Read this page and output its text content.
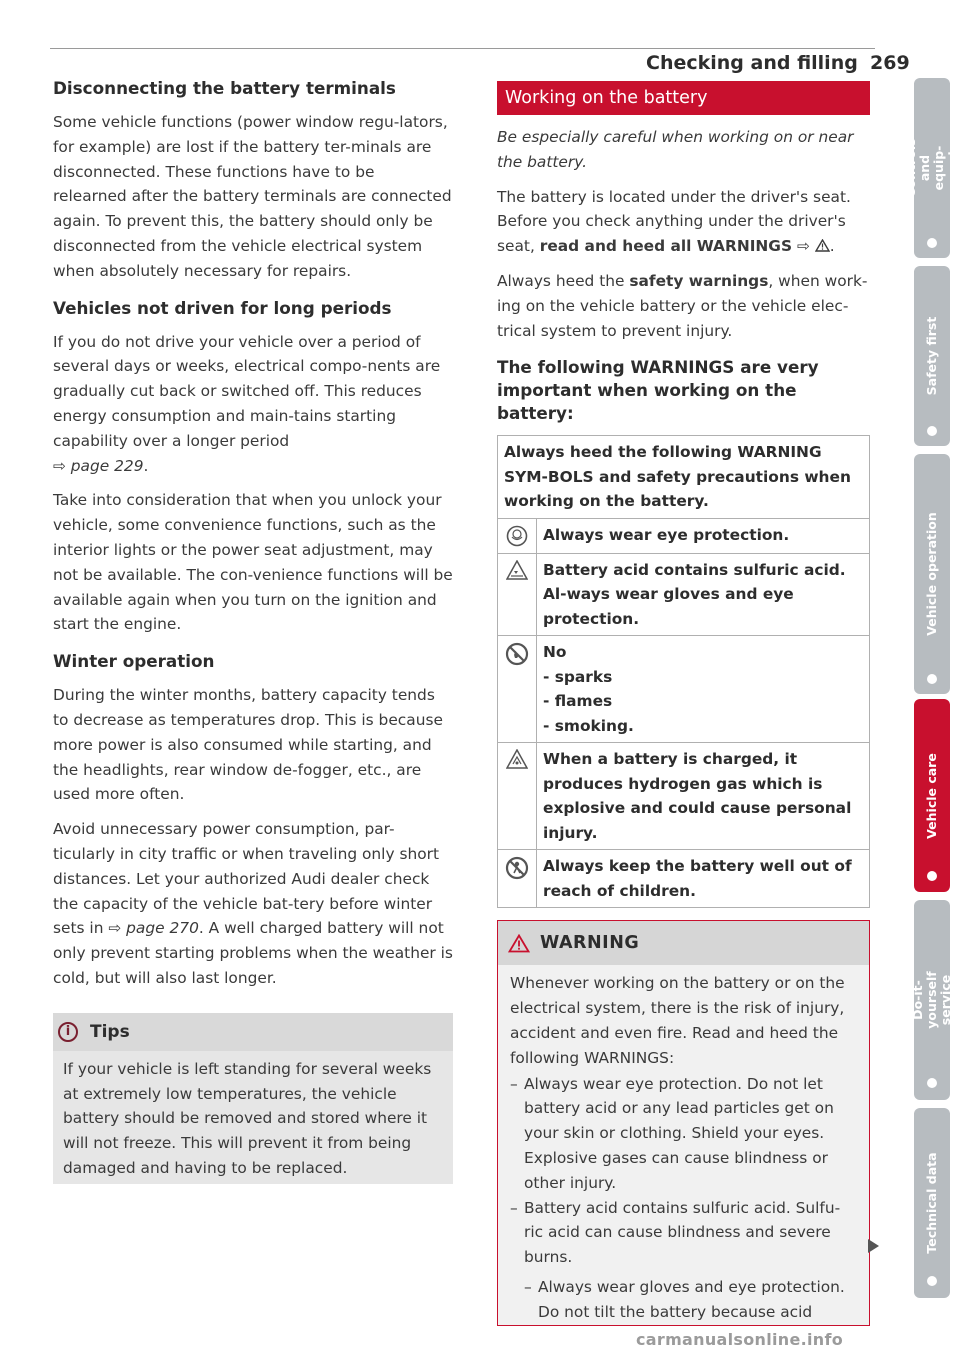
Checking and filling 269
Disconnecting the battery terminals

Some vehicle functions (power window regu-lators, for example) are lost if the battery ter-minals are disconnected. These functions have to be relearned after the battery terminals are connected again. To prevent this, the battery should only be disconnected from the vehicle electrical system when absolutely necessary for repairs.

Vehicles not driven for long periods

If you do not drive your vehicle over a period of several days or weeks, electrical compo-nents are gradually cut back or switched off. This reduces energy consumption and main-tains starting capability over a longer period
⇨ page 229.

Take into consideration that when you unlock your vehicle, some convenience functions, such as the interior lights or the power seat adjustment, may not be available. The con-venience functions will be available again when you turn on the ignition and start the engine.

Winter operation

During the winter months, battery capacity tends to decrease as temperatures drop. This is because more power is also consumed while starting, and the headlights, rear window de-fogger, etc., are used more often.

Avoid unnecessary power consumption, par-ticularly in city traffic or when traveling only short distances. Let your authorized Audi dealer check the capacity of the vehicle bat-tery before winter sets in ⇨ page 270. A well charged battery will not only prevent starting problems when the weather is cold, but will also last longer.

i	Tips

If your vehicle is left standing for several weeks at extremely low temperatures, the vehicle battery should be removed and stored where it will not freeze. This will prevent it from being damaged and having to be replaced.

Working on the battery

Be especially careful when working on or near the battery.

The battery is located under the driver's seat. Before you check anything under the driver's seat, read and heed all WARNINGS ⇨ .

Always heed the safety warnings, when work-ing on the vehicle battery or the vehicle elec-trical system to prevent injury.

The following WARNINGS are very important when working on the battery:
Always heed the following WARNING SYM-BOLS and safety precautions when working on the battery.	

	Always wear eye protection.

	Battery acid contains sulfuric acid. Al-ways wear gloves and eye protection.

No
- sparks
- flames
- smoking.

	When a battery is charged, it produces hydrogen gas which is explosive and could cause personal injury.

	Always keep the battery well out of reach of children.
WARNING

Whenever working on the battery or on the electrical system, there is the risk of injury, accident and even fire. Read and heed the following WARNINGS:

– Always wear eye protection. Do not let battery acid or any lead particles get on your skin or clothing. Shield your eyes. Explosive gases can cause blindness or other injury.
– Battery acid contains sulfuric acid. Sulfu-ric acid can cause blindness and severe burns.
– Always wear gloves and eye protection. Do not tilt the battery because acid
Controls and equip-
ment
Safety first
Vehicle operation
Vehicle care
Do-it-yourself
service
Technical data
carmanualsonline.info
